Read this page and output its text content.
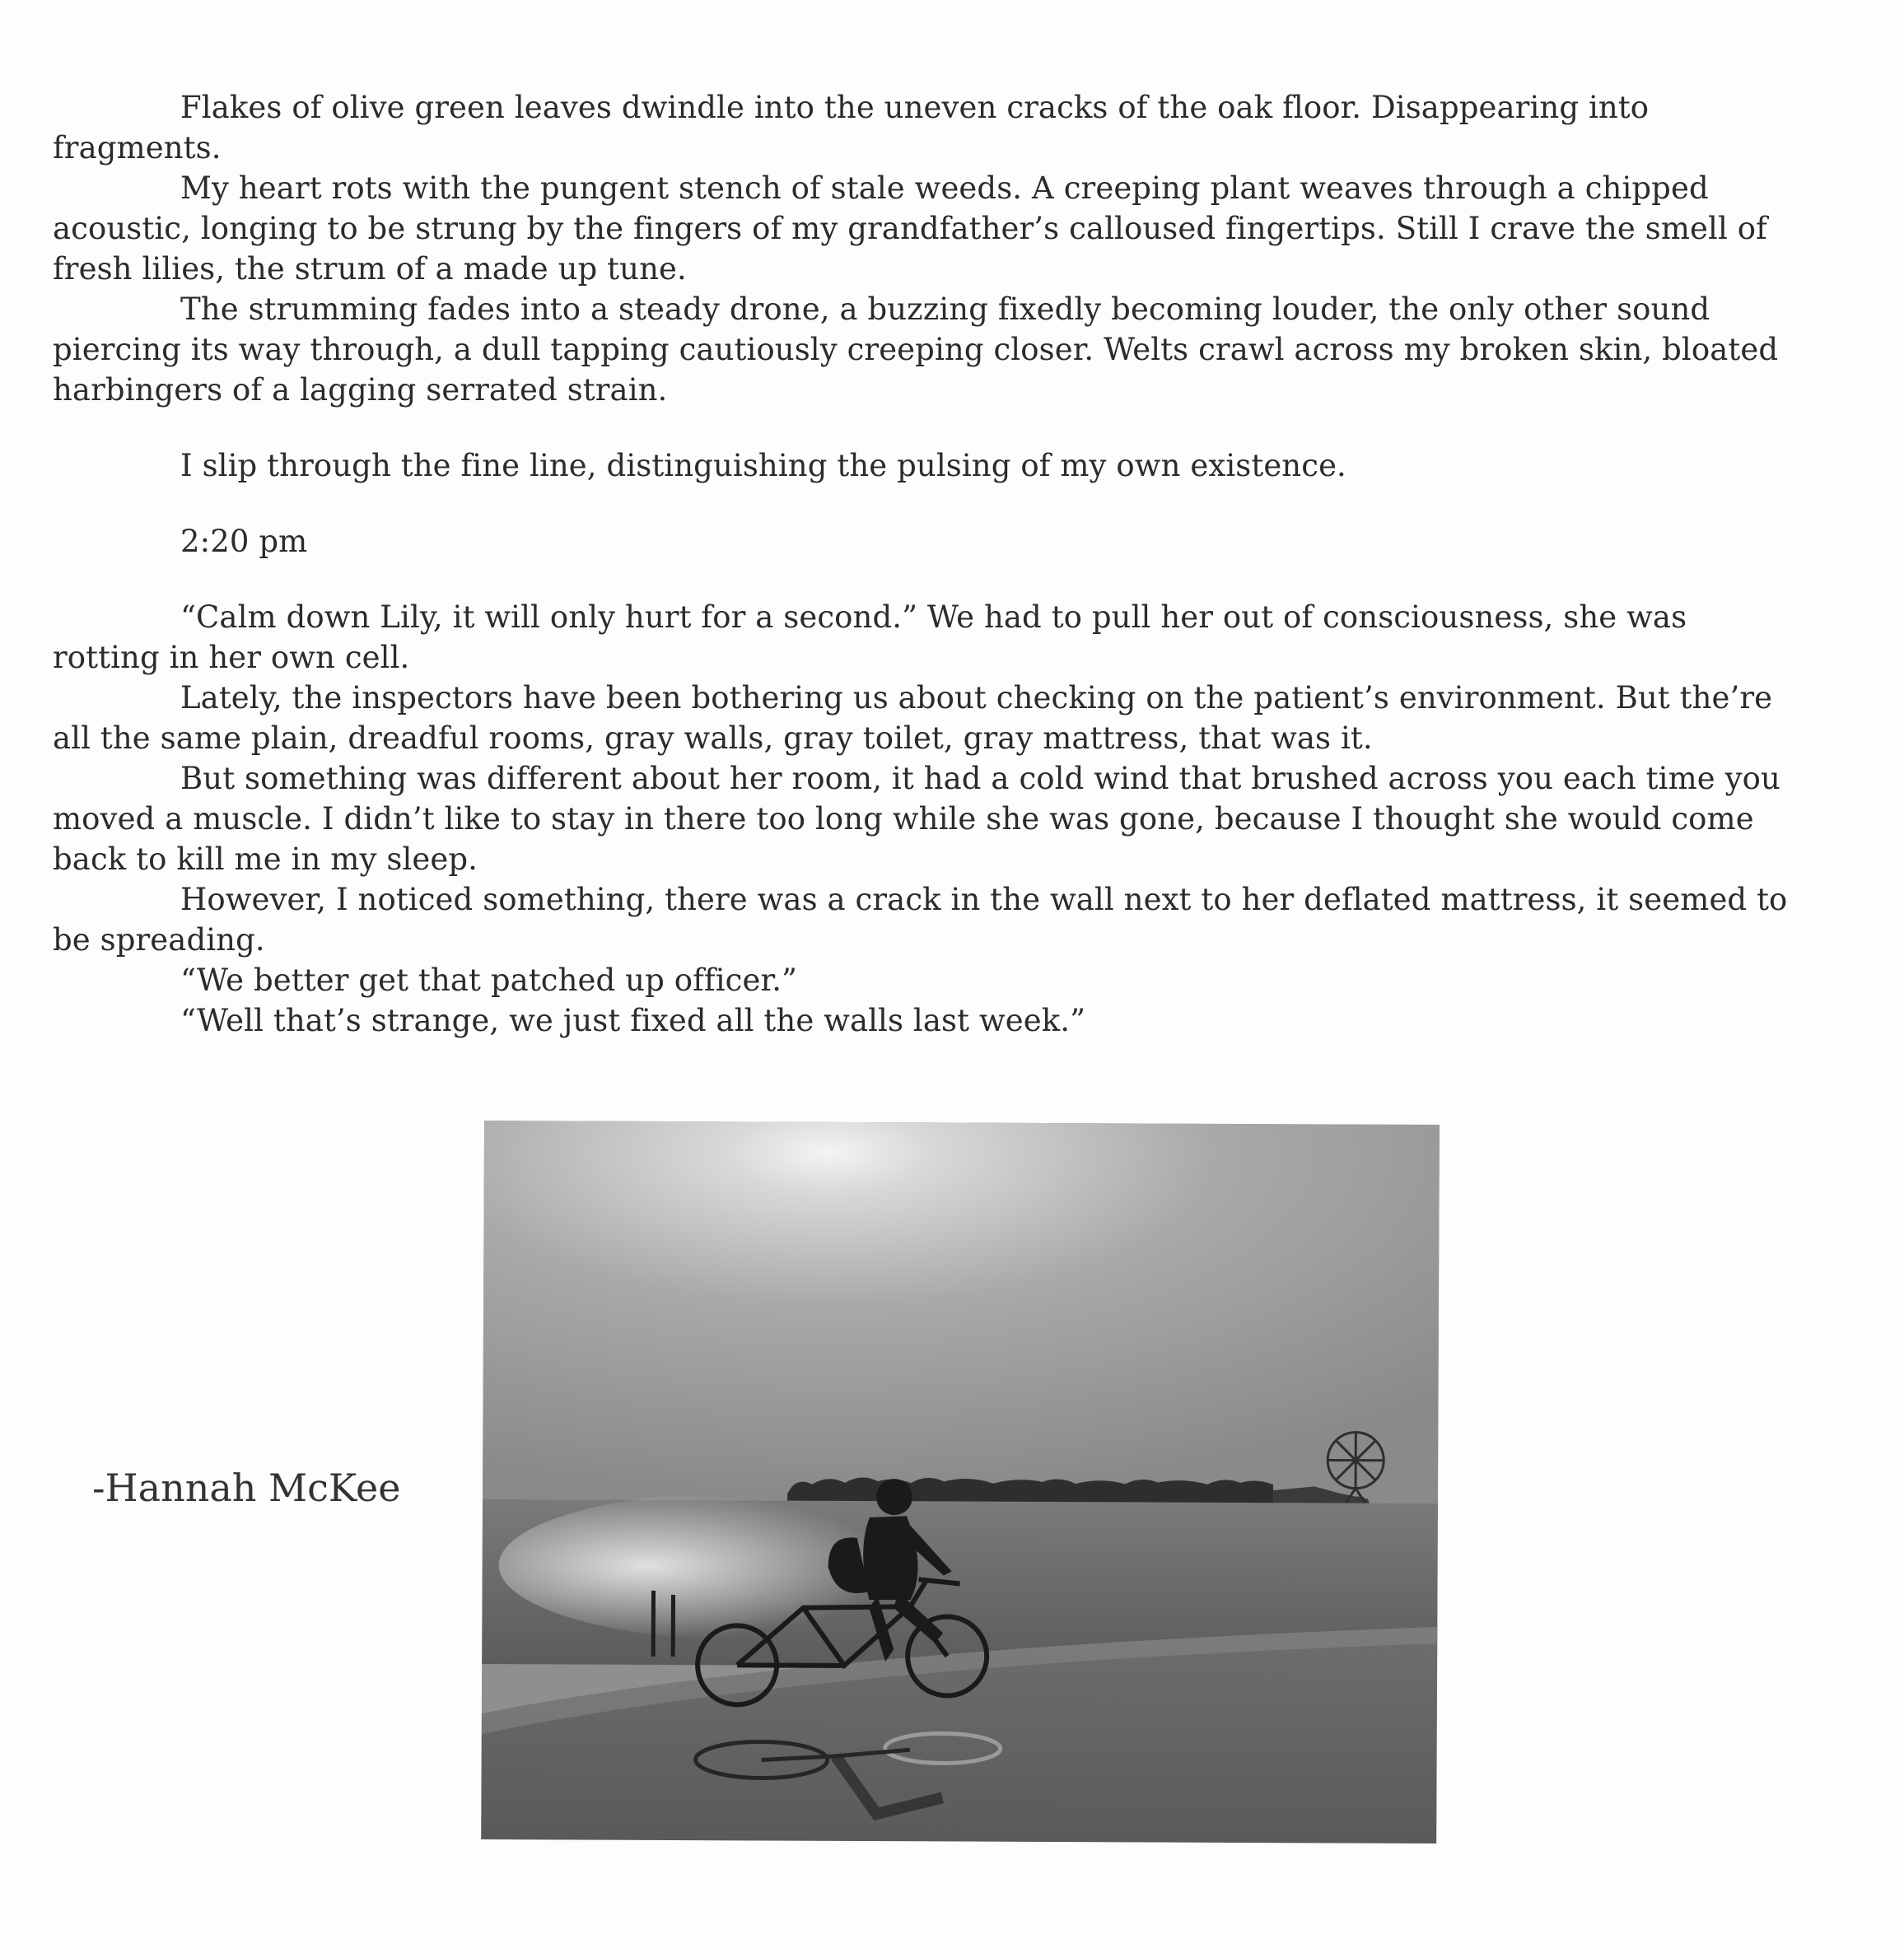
Flakes of olive green leaves dwindle into the uneven cracks of the oak floor. Disappearing into fragments.

My heart rots with the pungent stench of stale weeds. A creeping plant weaves through a chipped acoustic, longing to be strung by the fingers of my grandfather’s calloused fingertips. Still I crave the smell of fresh lilies, the strum of a made up tune.

The strumming fades into a steady drone, a buzzing fixedly becoming louder, the only other sound piercing its way through, a dull tapping cautiously creeping closer. Welts crawl across my broken skin, bloated harbingers of a lagging serrated strain.

I slip through the fine line, distinguishing the pulsing of my own existence.

2:20 pm

“Calm down Lily, it will only hurt for a second.” We had to pull her out of consciousness, she was rotting in her own cell.

Lately, the inspectors have been bothering us about checking on the patient’s environment. But the’re all the same plain, dreadful rooms, gray walls, gray toilet, gray mattress, that was it.

But something was different about her room, it had a cold wind that brushed across you each time you moved a muscle. I didn’t like to stay in there too long while she was gone, because I thought she would come back to kill me in my sleep.

However, I noticed something, there was a crack in the wall next to her deflated mattress, it seemed to be spreading.

“We better get that patched up officer.”

“Well that’s strange, we just fixed all the walls last week.”

-Hannah McKee
